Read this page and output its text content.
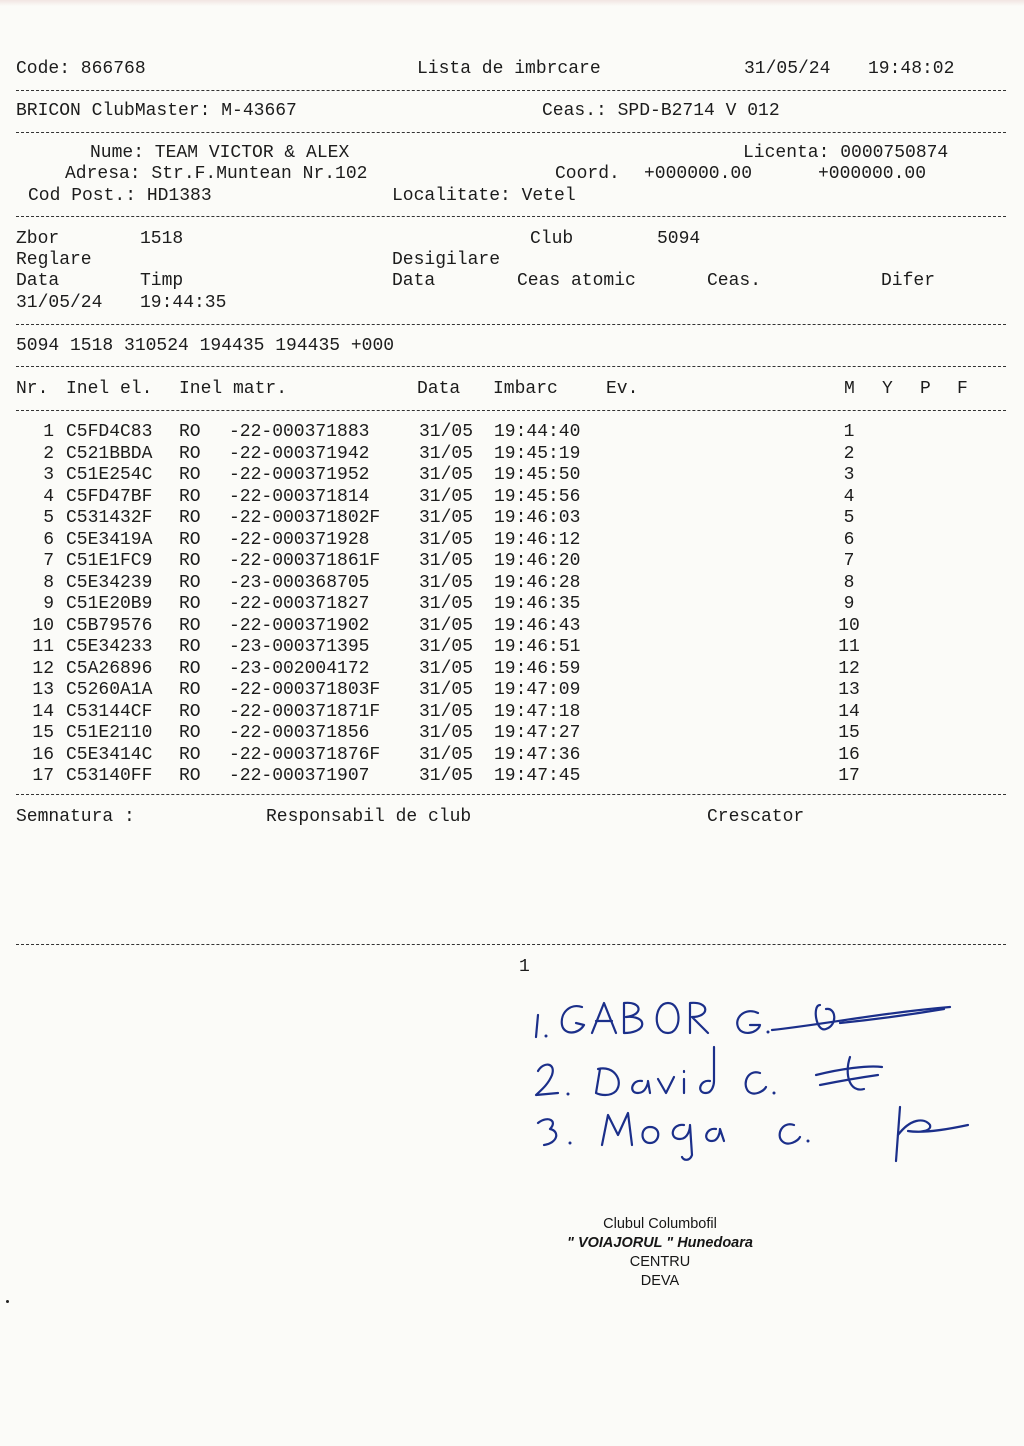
Code: 866768	Lista de imbrcare	31/05/24 19:48:02
BRICON ClubMaster: M-43667	Ceas.: SPD-B2714 V 012
Nume: TEAM VICTOR & ALEX	Licenta: 0000750874
Adresa: Str.F.Muntean Nr.102	Coord. +000000.00	+000000.00
Cod Post.: HD1383	Localitate: Vetel
Zbor	1518	Club	5094
Reglare	Desigilare
Data	Timp	Data	Ceas atomic	Ceas.	Difer
31/05/24 19:44:35
5094 1518 310524 194435 194435 +000
Nr. Inel el. Inel matr.	Data Imbarc	Ev.	M Y P F
1 C5FD4C83 RO -22-000371883	31/05 19:44:40	1
2 C521BBDA RO -22-000371942	31/05 19:45:19	2
3 C51E254C RO -22-000371952	31/05 19:45:50	3
4 C5FD47BF RO -22-000371814	31/05 19:45:56	4
5 C531432F RO -22-000371802F 31/05 19:46:03	5
6 C5E3419A RO -22-000371928	31/05 19:46:12	6
7 C51E1FC9 RO -22-000371861F 31/05 19:46:20	7
8 C5E34239 RO -23-000368705	31/05 19:46:28	8
9 C51E20B9 RO -22-000371827	31/05 19:46:35	9
10 C5B79576 RO -22-000371902	31/05 19:46:43	10
11 C5E34233 RO -23-000371395	31/05 19:46:51	11
12 C5A26896 RO -23-002004172	31/05 19:46:59	12
13 C5260A1A RO -22-000371803F 31/05 19:47:09	13
14 C53144CF RO -22-000371871F 31/05 19:47:18	14
15 C51E2110 RO -22-000371856	31/05 19:47:27	15
16 C5E3414C RO -22-000371876F 31/05 19:47:36	16
17 C53140FF RO -22-000371907	31/05 19:47:45	17
Semnatura :	Responsabil de club	Crescator
1
Clubul Columbofil
" VOIAJORUL " Hunedoara
CENTRU
DEVA
